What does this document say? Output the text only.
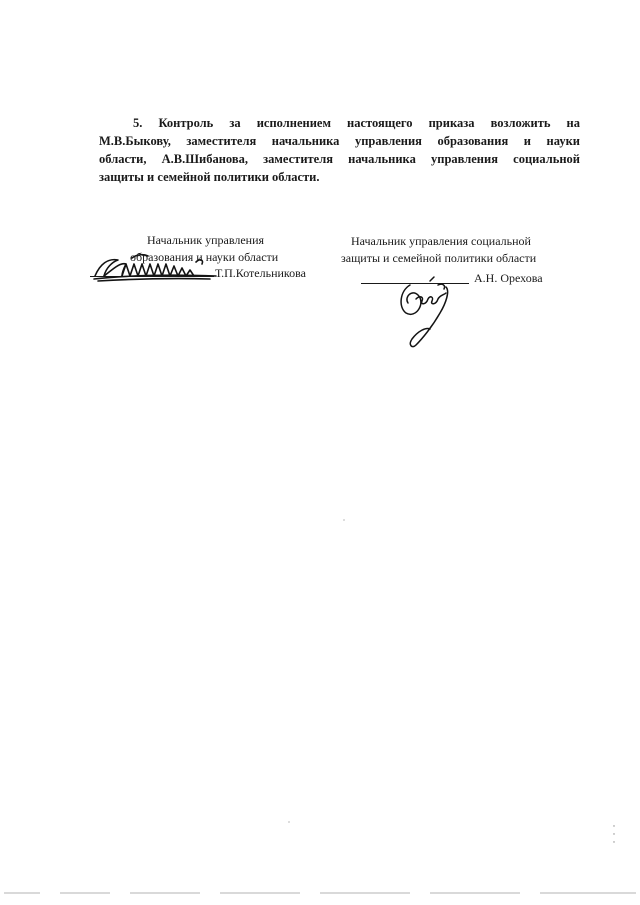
5. Контроль за исполнением настоящего приказа возложить на
М.В.Быкову, заместителя начальника управления образования и науки
области, А.В.Шибанова, заместителя начальника управления социальной
защиты и семейной политики области.
Начальник управления
образования и науки области
Т.П.Котельникова
Начальник управления социальной
защиты и семейной политики области
А.Н. Орехова
